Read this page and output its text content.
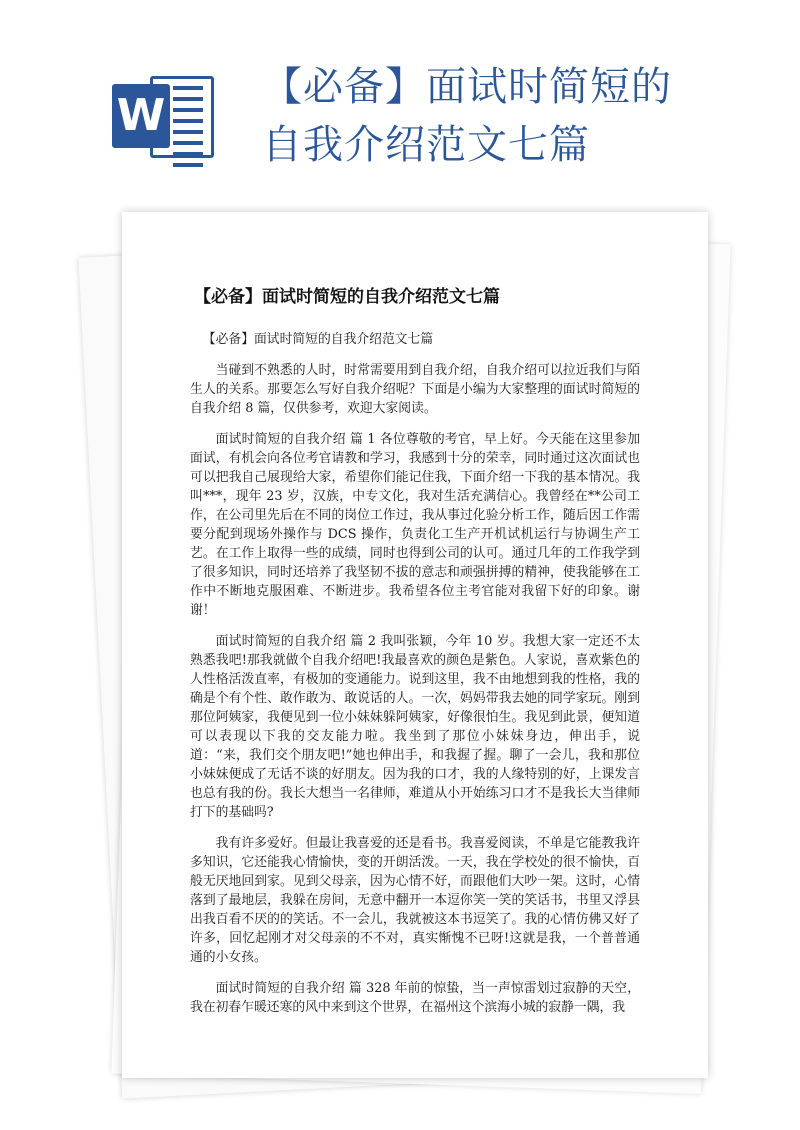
W
【必备】面试时简短的
自我介绍范文七篇
【必备】面试时简短的自我介绍范文七篇

【必备】面试时简短的自我介绍范文七篇

当碰到不熟悉的人时，时常需要用到自我介绍，自我介绍可以拉近我们与陌生人的关系。那要怎么写好自我介绍呢？下面是小编为大家整理的面试时简短的自我介绍 8 篇，仅供参考，欢迎大家阅读。

面试时简短的自我介绍 篇 1 各位尊敬的考官，早上好。今天能在这里参加面试，有机会向各位考官请教和学习，我感到十分的荣幸，同时通过这次面试也可以把我自己展现给大家，希望你们能记住我，下面介绍一下我的基本情况。我叫***，现年 23 岁，汉族，中专文化，我对生活充满信心。我曾经在**公司工作，在公司里先后在不同的岗位工作过，我从事过化验分析工作，随后因工作需要分配到现场外操作与 DCS 操作，负责化工生产开机试机运行与协调生产工艺。在工作上取得一些的成绩，同时也得到公司的认可。通过几年的工作我学到了很多知识，同时还培养了我坚韧不拔的意志和顽强拼搏的精神，使我能够在工作中不断地克服困难、不断进步。我希望各位主考官能对我留下好的印象。谢谢！

面试时简短的自我介绍 篇 2 我叫张颖，今年 10 岁。我想大家一定还不太熟悉我吧!那我就做个自我介绍吧!我最喜欢的颜色是紫色。人家说，喜欢紫色的人性格活泼直率，有极加的变通能力。说到这里，我不由地想到我的性格，我的确是个有个性、敢作敢为、敢说话的人。一次，妈妈带我去她的同学家玩。刚到那位阿姨家，我便见到一位小妹妹躲阿姨家，好像很怕生。我见到此景，便知道可以表现以下我的交友能力啦。我坐到了那位小妹妹身边，伸出手，说道：“来，我们交个朋友吧!”她也伸出手，和我握了握。聊了一会儿，我和那位小妹妹便成了无话不谈的好朋友。因为我的口才，我的人缘特别的好，上课发言也总有我的份。我长大想当一名律师，难道从小开始练习口才不是我长大当律师打下的基础吗?

我有许多爱好。但最让我喜爱的还是看书。我喜爱阅读，不单是它能教我许多知识，它还能我心情愉快，变的开朗活泼。一天，我在学校处的很不愉快，百般无厌地回到家。见到父母亲，因为心情不好，而跟他们大吵一架。这时，心情落到了最地层，我躲在房间，无意中翻开一本逗你笑一笑的笑话书，书里又浮县出我百看不厌的的笑话。不一会儿，我就被这本书逗笑了。我的心情仿佛又好了许多，回忆起刚才对父母亲的不不对，真实惭愧不已呀!这就是我，一个普普通通的小女孩。

面试时简短的自我介绍 篇 328 年前的惊蛰，当一声惊雷划过寂静的天空，我在初春乍暖还寒的风中来到这个世界，在福州这个滨海小城的寂静一隅，我
